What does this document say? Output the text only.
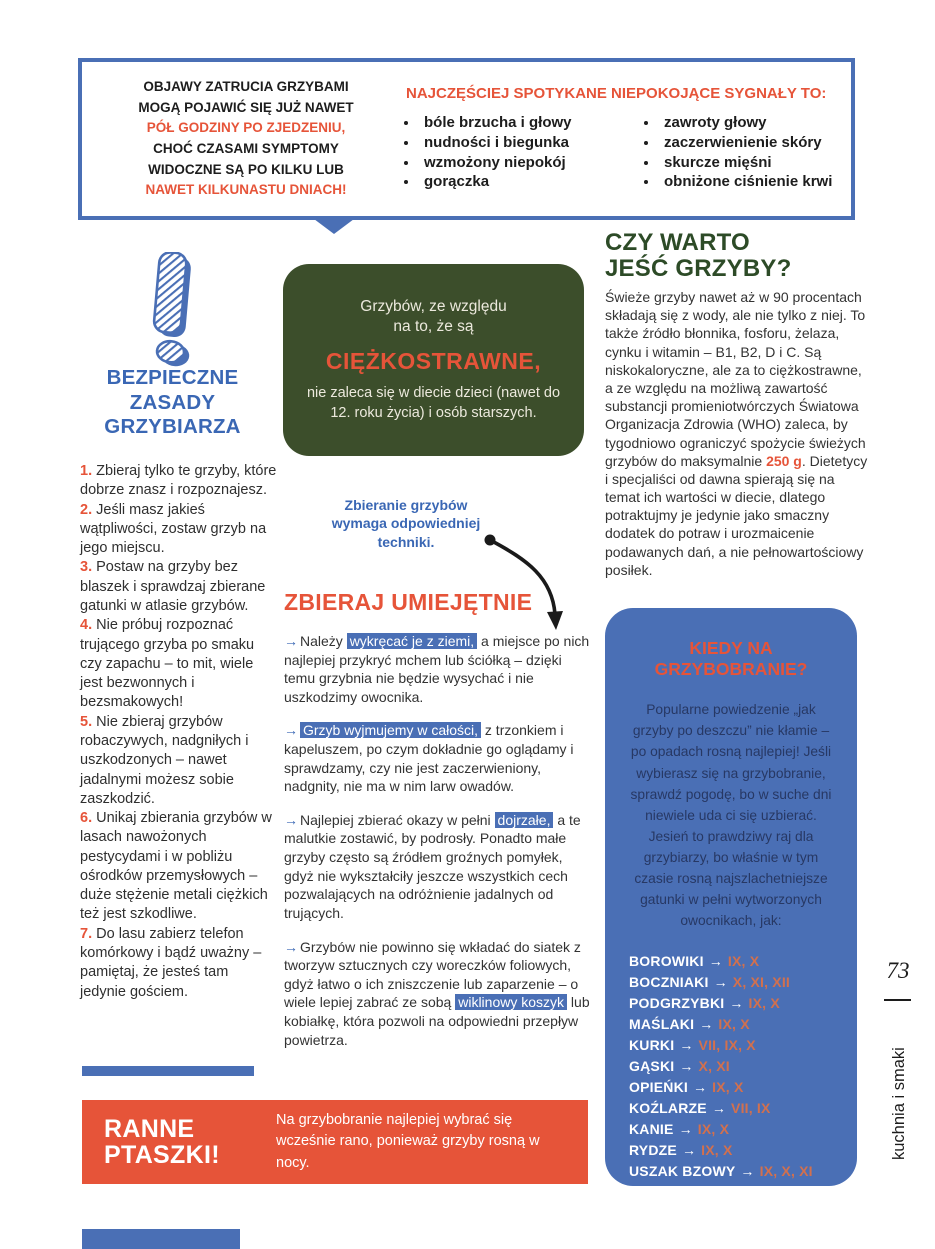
OBJAWY ZATRUCIA GRZYBAMI
MOGĄ POJAWIĆ SIĘ JUŻ NAWET
PÓŁ GODZINY PO ZJEDZENIU,
CHOĆ CZASAMI SYMPTOMY
WIDOCZNE SĄ PO KILKU LUB
NAWET KILKUNASTU DNIACH!

NAJCZĘŚCIEJ SPOTYKANE NIEPOKOJĄCE SYGNAŁY TO:

• bóle brzucha i głowy
• nudności i biegunka
• wzmożony niepokój
• gorączka
• zawroty głowy
• zaczerwienienie skóry
• skurcze mięśni
• obniżone ciśnienie krwi
BEZPIECZNE ZASADY GRZYBIARZA

1. Zbieraj tylko te grzyby, które dobrze znasz i rozpoznajesz.

2. Jeśli masz jakieś wątpliwości, zostaw grzyb na jego miejscu.

3. Postaw na grzyby bez blaszek i sprawdzaj zbierane gatunki w atlasie grzybów.

4. Nie próbuj rozpoznać trującego grzyba po smaku czy zapachu – to mit, wiele jest bezwonnych i bezsmakowych!

5. Nie zbieraj grzybów robaczywych, nadgniłych i uszkodzonych – nawet jadalnymi możesz sobie zaszkodzić.

6. Unikaj zbierania grzybów w lasach nawożonych pestycydami i w pobliżu ośrodków przemysłowych – duże stężenie metali ciężkich też jest szkodliwe.

7. Do lasu zabierz telefon komórkowy i bądź uważny – pamiętaj, że jesteś tam jedynie gościem.

Grzybów, ze względu
na to, że są
CIĘŻKOSTRAWNE,
nie zaleca się w diecie dzieci (nawet do 12. roku życia) i osób starszych.
Zbieranie grzybów wymaga odpowiedniej techniki.
ZBIERAJ UMIEJĘTNIE

→ Należy wykręcać je z ziemi, a miejsce po nich najlepiej przykryć mchem lub ściółką – dzięki temu grzybnia nie będzie wysychać i nie uszkodzimy owocnika.

→ Grzyb wyjmujemy w całości, z trzonkiem i kapeluszem, po czym dokładnie go oglądamy i sprawdzamy, czy nie jest zaczerwieniony, nadgnity, nie ma w nim larw owadów.

→ Najlepiej zbierać okazy w pełni dojrzałe, a te malutkie zostawić, by podrosły. Ponadto małe grzyby często są źródłem groźnych pomyłek, gdyż nie wykształciły jeszcze wszystkich cech pozwalających na odróżnienie jadalnych od trujących.

→ Grzybów nie powinno się wkładać do siatek z tworzyw sztucznych czy woreczków foliowych, gdyż łatwo o ich zniszczenie lub zaparzenie – o wiele lepiej zabrać ze sobą wiklinowy koszyk lub kobiałkę, która pozwoli na odpowiedni przepływ powietrza.

CZY WARTO
JEŚĆ GRZYBY?
Świeże grzyby nawet aż w 90 procentach składają się z wody, ale nie tylko z niej. To także źródło błonnika, fosforu, żelaza, cynku i witamin – B1, B2, D i C. Są niskokaloryczne, ale za to ciężkostrawne, a ze względu na możliwą zawartość substancji promieniotwórczych Światowa Organizacja Zdrowia (WHO) zaleca, by tygodniowo ograniczyć spożycie świeżych grzybów do maksymalnie 250 g. Dietetycy i specjaliści od dawna spierają się na temat ich wartości w diecie, dlatego potraktujmy je jedynie jako smaczny dodatek do potraw i urozmaicenie podawanych dań, a nie pełnowartościowy posiłek.

KIEDY NA
GRZYBOBRANIE?

Popularne powiedzenie „jak grzyby po deszczu” nie kłamie – po opadach rosną najlepiej! Jeśli wybierasz się na grzybobranie, sprawdź pogodę, bo w suche dni niewiele uda ci się uzbierać. Jesień to prawdziwy raj dla grzybiarzy, bo właśnie w tym czasie rosną najszlachetniejsze gatunki w pełni wytworzonych owocnikach, jak:

BOROWIKI → IX, X
BOCZNIAKI → X, XI, XII
PODGRZYBKI → IX, X
MAŚLAKI → IX, X
KURKI → VII, IX, X
GĄSKI → X, XI
OPIEŃKI → IX, X
KOŹLARZE → VII, IX
KANIE → IX, X
RYDZE → IX, X
USZAK BZOWY → IX, X, XI
RANNE
PTASZKI!
Na grzybobranie najlepiej wybrać się wcześnie rano, ponieważ grzyby rosną w nocy.
73
kuchnia i smaki
